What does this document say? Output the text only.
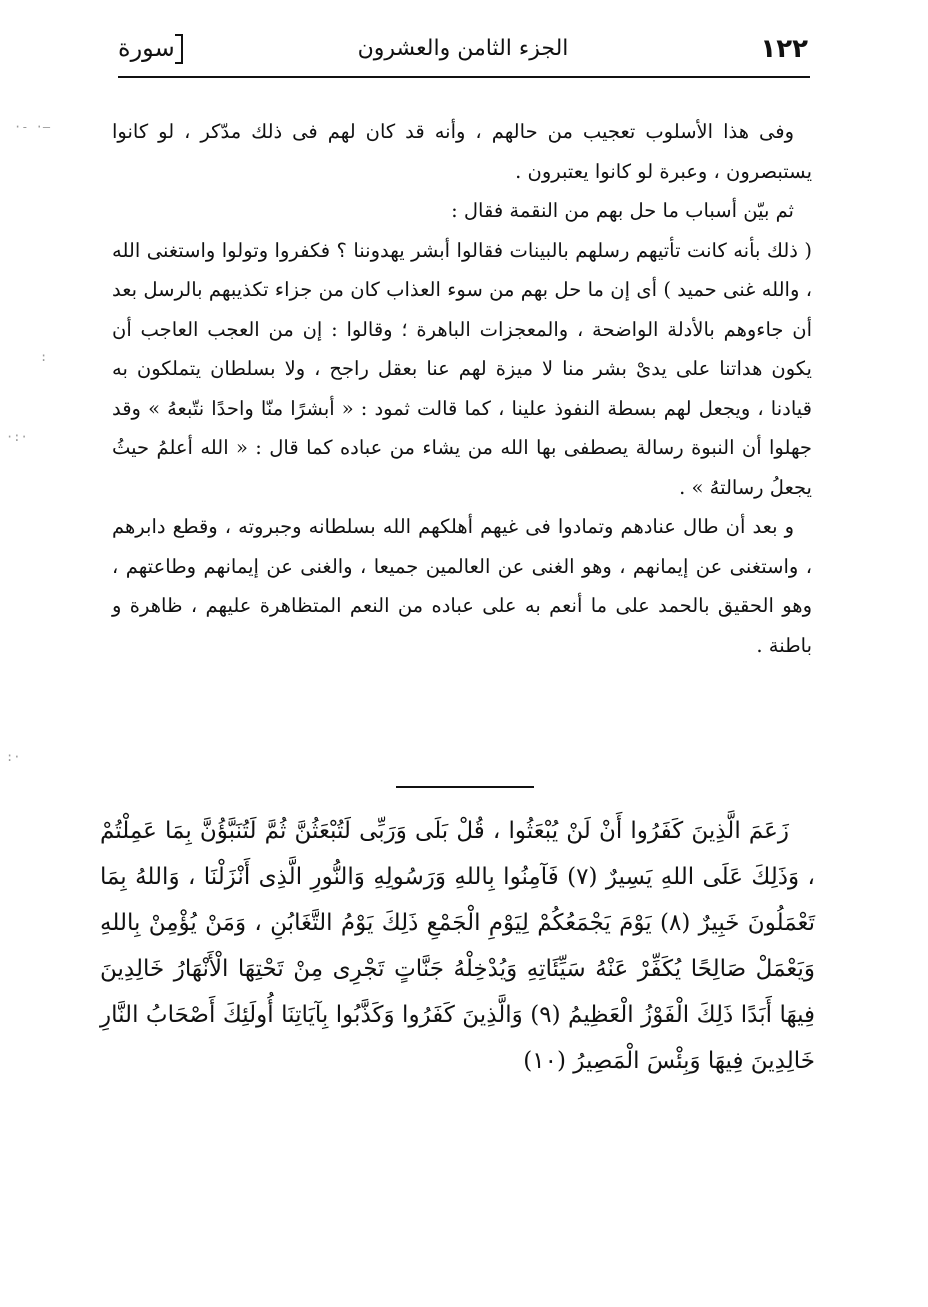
١٢٢
الجزء الثامن والعشرون
سورة

وفى هذا الأسلوب تعجيب من حالهم ، وأنه قد كان لهم فى ذلك مدّكر ، لو كانوا يستبصرون ، وعبرة لو كانوا يعتبرون .

ثم بيّن أسباب ما حل بهم من النقمة فقال :

( ذلك بأنه كانت تأتيهم رسلهم بالبينات فقالوا أبشر يهدوننا ؟ فكفروا وتولوا واستغنى الله ، والله غنى حميد ) أى إن ما حل بهم من سوء العذاب كان من جزاء تكذيبهم بالرسل بعد أن جاءوهم بالأدلة الواضحة ، والمعجزات الباهرة ؛ وقالوا : إن من العجب العاجب أن يكون هداتنا على يدىْ بشر منا لا ميزة لهم عنا بعقل راجح ، ولا بسلطان يتملكون به قيادنا ، ويجعل لهم بسطة النفوذ علينا ، كما قالت ثمود : « أبشرًا منّا واحدًا نتّبعهُ » وقد جهلوا أن النبوة رسالة يصطفى بها الله من يشاء من عباده كما قال : « الله أعلمُ حيثُ يجعلُ رسالتهُ » .

و بعد أن طال عنادهم وتمادوا فى غيهم أهلكهم الله بسلطانه وجبروته ، وقطع دابرهم ، واستغنى عن إيمانهم ، وهو الغنى عن العالمين جميعا ، والغنى عن إيمانهم وطاعتهم ، وهو الحقيق بالحمد على ما أنعم به على عباده من النعم المتظاهرة عليهم ، ظاهرة و باطنة .

زَعَمَ الَّذِينَ كَفَرُوا أَنْ لَنْ يُبْعَثُوا ، قُلْ بَلَى وَرَبِّى لَتُبْعَثُنَّ ثُمَّ لَتُنَبَّؤُنَّ بِمَا عَمِلْتُمْ ، وَذَلِكَ عَلَى اللهِ يَسِيرٌ (٧) فَآمِنُوا بِاللهِ وَرَسُولِهِ وَالنُّورِ الَّذِى أَنْزَلْنَا ، وَاللهُ بِمَا تَعْمَلُونَ خَبِيرٌ (٨) يَوْمَ يَجْمَعُكُمْ لِيَوْمِ الْجَمْعِ ذَلِكَ يَوْمُ التَّغَابُنِ ، وَمَنْ يُؤْمِنْ بِاللهِ وَيَعْمَلْ صَالِحًا يُكَفِّرْ عَنْهُ سَيِّئَاتِهِ وَيُدْخِلْهُ جَنَّاتٍ تَجْرِى مِنْ تَحْتِهَا الْأَنْهَارُ خَالِدِينَ فِيهَا أَبَدًا ذَلِكَ الْفَوْزُ الْعَظِيمُ (٩) وَالَّذِينَ كَفَرُوا وَكَذَّبُوا بِآيَاتِنَا أُولَئِكَ أَصْحَابُ النَّارِ خَالِدِينَ فِيهَا وَبِئْسَ الْمَصِيرُ (١٠)

·- ·—
:
·:·
:·
